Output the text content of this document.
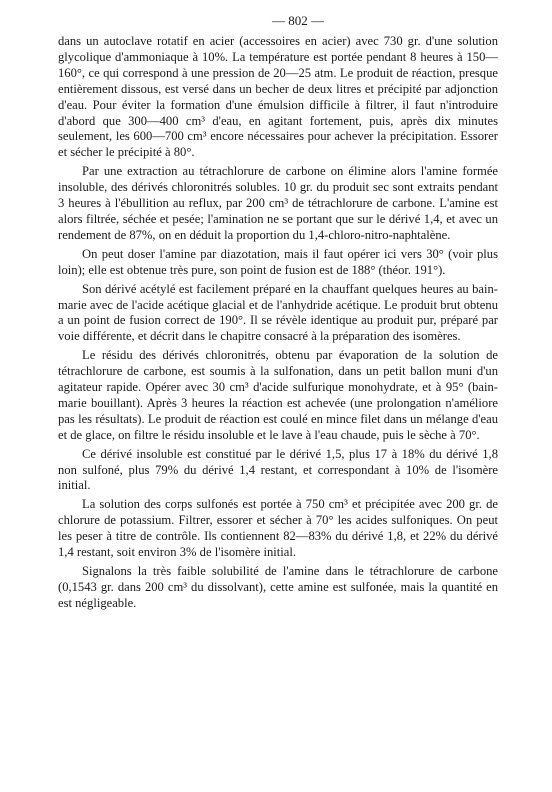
— 802 —

dans un autoclave rotatif en acier (accessoires en acier) avec 730 gr. d'une solution glycolique d'ammoniaque à 10%. La température est portée pendant 8 heures à 150—160°, ce qui correspond à une pression de 20—25 atm. Le produit de réaction, presque entièrement dissous, est versé dans un becher de deux litres et précipité par adjonction d'eau. Pour éviter la formation d'une émulsion difficile à filtrer, il faut n'introduire d'abord que 300—400 cm³ d'eau, en agitant fortement, puis, après dix minutes seulement, les 600—700 cm³ encore nécessaires pour achever la précipitation. Essorer et sécher le précipité à 80°.

Par une extraction au tétrachlorure de carbone on élimine alors l'amine formée insoluble, des dérivés chloronitrés solubles. 10 gr. du produit sec sont extraits pendant 3 heures à l'ébullition au reflux, par 200 cm³ de tétrachlorure de carbone. L'amine est alors filtrée, séchée et pesée; l'amination ne se portant que sur le dérivé 1,4, et avec un rendement de 87%, on en déduit la proportion du 1,4-chloro-nitro-naphtalène.

On peut doser l'amine par diazotation, mais il faut opérer ici vers 30° (voir plus loin); elle est obtenue très pure, son point de fusion est de 188° (théor. 191°).

Son dérivé acétylé est facilement préparé en la chauffant quelques heures au bain-marie avec de l'acide acétique glacial et de l'anhydride acétique. Le produit brut obtenu a un point de fusion correct de 190°. Il se révèle identique au produit pur, préparé par voie différente, et décrit dans le chapitre consacré à la préparation des isomères.

Le résidu des dérivés chloronitrés, obtenu par évaporation de la solution de tétrachlorure de carbone, est soumis à la sulfonation, dans un petit ballon muni d'un agitateur rapide. Opérer avec 30 cm³ d'acide sulfurique monohydrate, et à 95° (bain-marie bouillant). Après 3 heures la réaction est achevée (une prolongation n'améliore pas les résultats). Le produit de réaction est coulé en mince filet dans un mélange d'eau et de glace, on filtre le résidu insoluble et le lave à l'eau chaude, puis le sèche à 70°.

Ce dérivé insoluble est constitué par le dérivé 1,5, plus 17 à 18% du dérivé 1,8 non sulfoné, plus 79% du dérivé 1,4 restant, et correspondant à 10% de l'isomère initial.

La solution des corps sulfonés est portée à 750 cm³ et précipitée avec 200 gr. de chlorure de potassium. Filtrer, essorer et sécher à 70° les acides sulfoniques. On peut les peser à titre de contrôle. Ils contiennent 82—83% du dérivé 1,8, et 22% du dérivé 1,4 restant, soit environ 3% de l'isomère initial.

Signalons la très faible solubilité de l'amine dans le tétrachlorure de carbone (0,1543 gr. dans 200 cm³ du dissolvant), cette amine est sulfonée, mais la quantité en est négligeable.
